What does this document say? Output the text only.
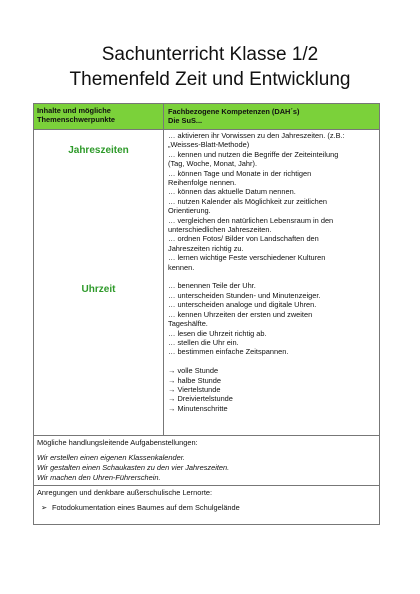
Sachunterricht Klasse 1/2
Themenfeld Zeit und Entwicklung
Inhalte und mögliche
Themenschwerpunkte
Fachbezogene Kompetenzen (DAH´s)
Die SuS...
Jahreszeiten
Uhrzeit
… aktivieren ihr Vorwissen zu den Jahreszeiten. (z.B.:
„Weisses-Blatt-Methode)
… kennen und nutzen die Begriffe der Zeiteinteilung
(Tag, Woche, Monat, Jahr).
… können Tage und Monate in der richtigen
Reihenfolge nennen.
… können das aktuelle Datum nennen.
… nutzen Kalender als Möglichkeit zur zeitlichen
Orientierung.
… vergleichen den natürlichen Lebensraum in den
unterschiedlichen Jahreszeiten.
… ordnen Fotos/ Bilder von Landschaften den
Jahreszeiten richtig zu.
… lernen wichtige Feste verschiedener Kulturen
kennen.
… benennen Teile der Uhr.
… unterscheiden Stunden- und Minutenzeiger.
… unterscheiden analoge und digitale Uhren.
… kennen Uhrzeiten der ersten und zweiten
Tageshälfte.
… lesen die Uhrzeit richtig ab.
… stellen die Uhr ein.
… bestimmen einfache Zeitspannen.
→ volle Stunde
→ halbe Stunde
→ Viertelstunde
→ Dreiviertelstunde
→ Minutenschritte
Mögliche handlungsleitende Aufgabenstellungen:
Wir erstellen einen eigenen Klassenkalender.
Wir gestalten einen Schaukasten zu den vier Jahreszeiten.
Wir machen den Uhren-Führerschein.
Anregungen und denkbare außerschulische Lernorte:
➢ Fotodokumentation eines Baumes auf dem Schulgelände
